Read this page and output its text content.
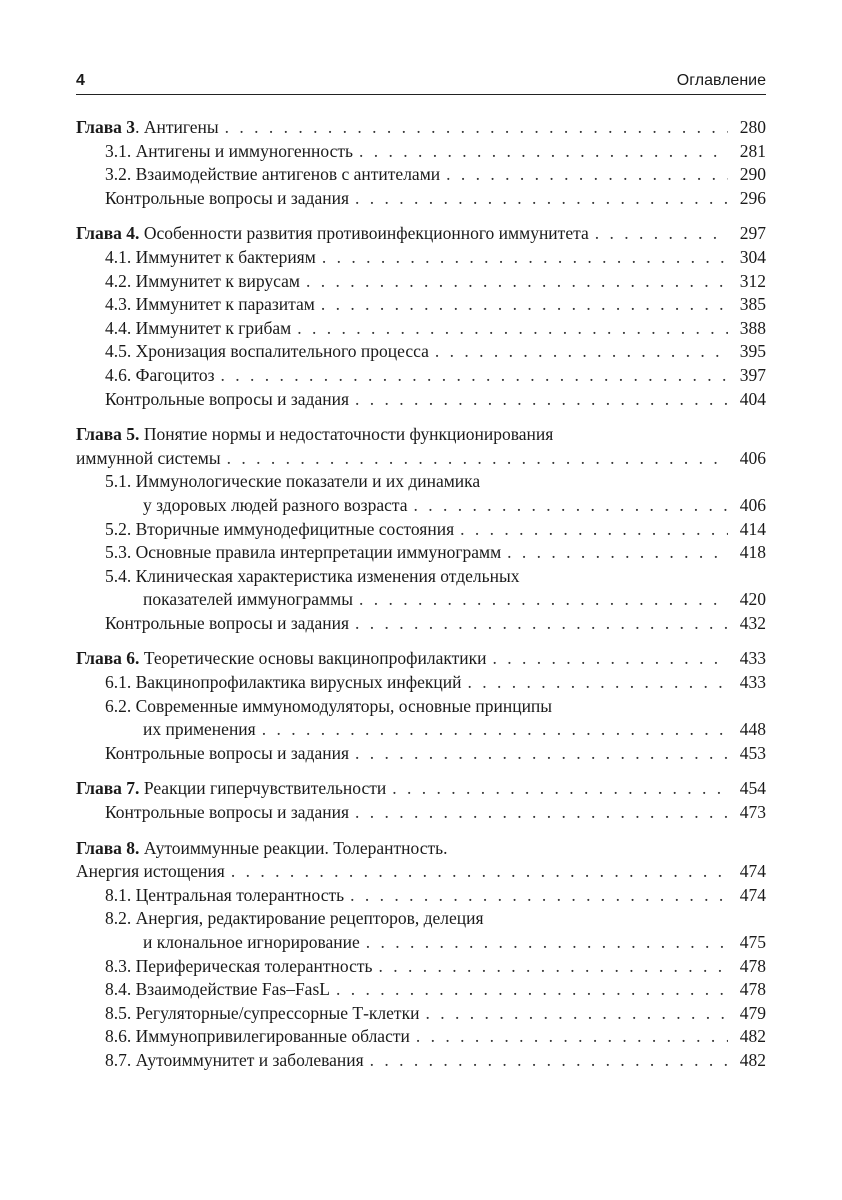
4	Оглавление
Глава 3. Антигены . . .	280
3.1. Антигены и иммуногенность . . .	281
3.2. Взаимодействие антигенов с антителами . . .	290
Контрольные вопросы и задания . . .	296
Глава 4. Особенности развития противоинфекционного иммунитета . . .	297
4.1. Иммунитет к бактериям . . .	304
4.2. Иммунитет к вирусам . . .	312
4.3. Иммунитет к паразитам . . .	385
4.4. Иммунитет к грибам . . .	388
4.5. Хронизация воспалительного процесса . . .	395
4.6. Фагоцитоз . . .	397
Контрольные вопросы и задания . . .	404
Глава 5. Понятие нормы и недостаточности функционирования
иммунной системы . . .	406
5.1. Иммунологические показатели и их динамика
у здоровых людей разного возраста . . .	406
5.2. Вторичные иммунодефицитные состояния . . .	414
5.3. Основные правила интерпретации иммунограмм . . .	418
5.4. Клиническая характеристика изменения отдельных
показателей иммунограммы . . .	420
Контрольные вопросы и задания . . .	432
Глава 6. Теоретические основы вакцинопрофилактики . . .	433
6.1. Вакцинопрофилактика вирусных инфекций . . .	433
6.2. Современные иммуномодуляторы, основные принципы
их применения . . .	448
Контрольные вопросы и задания . . .	453
Глава 7. Реакции гиперчувствительности . . .	454
Контрольные вопросы и задания . . .	473
Глава 8. Аутоиммунные реакции. Толерантность.
Анергия истощения . . .	474
8.1. Центральная толерантность . . .	474
8.2. Анергия, редактирование рецепторов, делеция
и клональное игнорирование . . .	475
8.3. Периферическая толерантность . . .	478
8.4. Взаимодействие Fas–FasL . . .	478
8.5. Регуляторные/супрессорные Т-клетки . . .	479
8.6. Иммунопривилегированные области . . .	482
8.7. Аутоиммунитет и заболевания . . .	482
